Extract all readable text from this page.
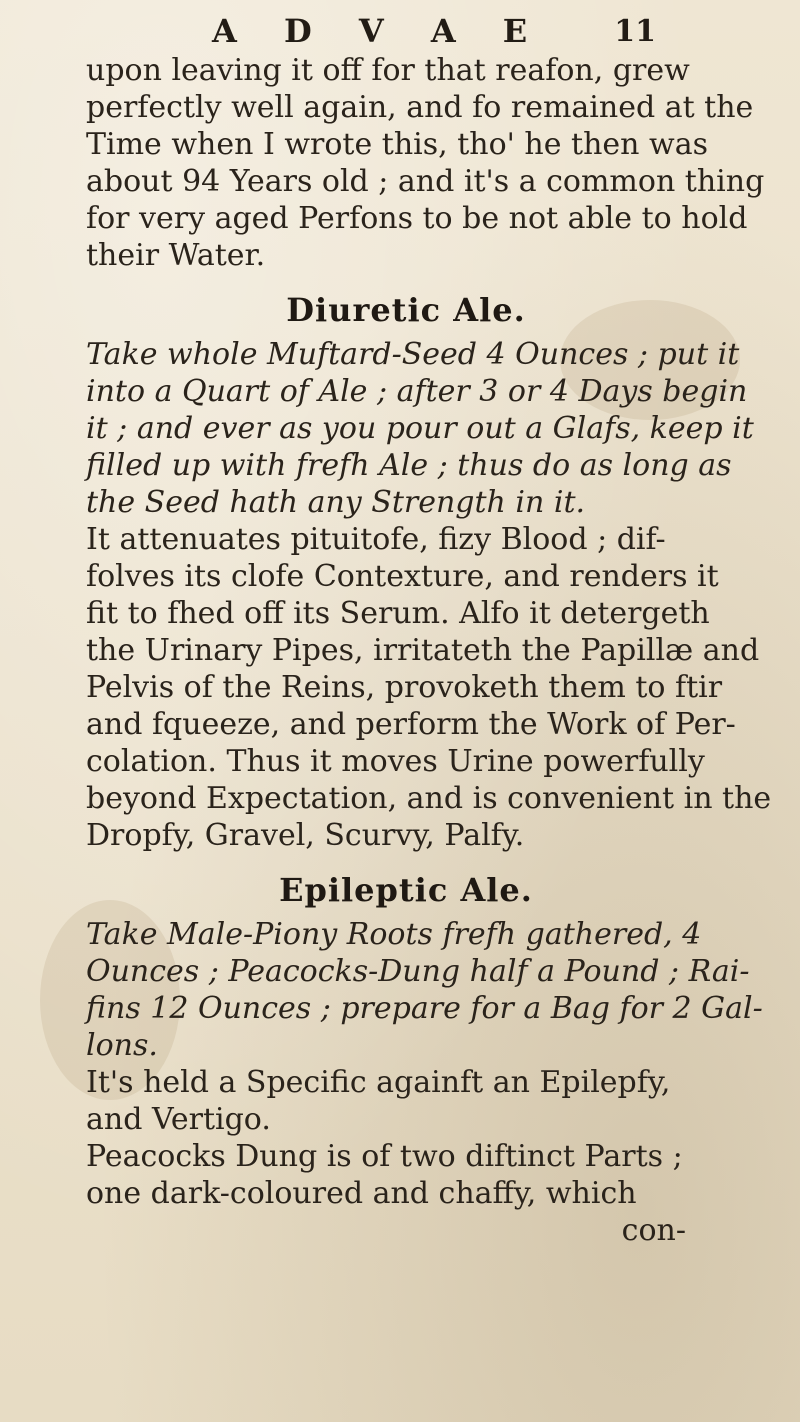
A D V A E 11
upon leaving it off for that reafon, grew
perfectly well again, and fo remained at the
Time when I wrote this, tho' he then was
about 94 Years old ; and it's a common thing
for very aged Perfons to be not able to hold
their Water.
Diuretic Ale.
Take whole Muftard-Seed 4 Ounces ; put it
into a Quart of Ale ; after 3 or 4 Days begin
it ; and ever as you pour out a Glafs, keep it
filled up with frefh Ale ; thus do as long as
the Seed hath any Strength in it.
It attenuates pituitofe, fizy Blood ; dif-
folves its clofe Contexture, and renders it
fit to fhed off its Serum. Alfo it detergeth
the Urinary Pipes, irritateth the Papillæ and
Pelvis of the Reins, provoketh them to ftir
and fqueeze, and perform the Work of Per-
colation. Thus it moves Urine powerfully
beyond Expectation, and is convenient in the
Dropfy, Gravel, Scurvy, Palfy.
Epileptic Ale.
Take Male-Piony Roots frefh gathered, 4
Ounces ; Peacocks-Dung half a Pound ; Rai-
fins 12 Ounces ; prepare for a Bag for 2 Gal-
lons.
It's held a Specific againft an Epilepfy,
and Vertigo.
Peacocks Dung is of two diftinct Parts ;
one dark-coloured and chaffy, which
con-
